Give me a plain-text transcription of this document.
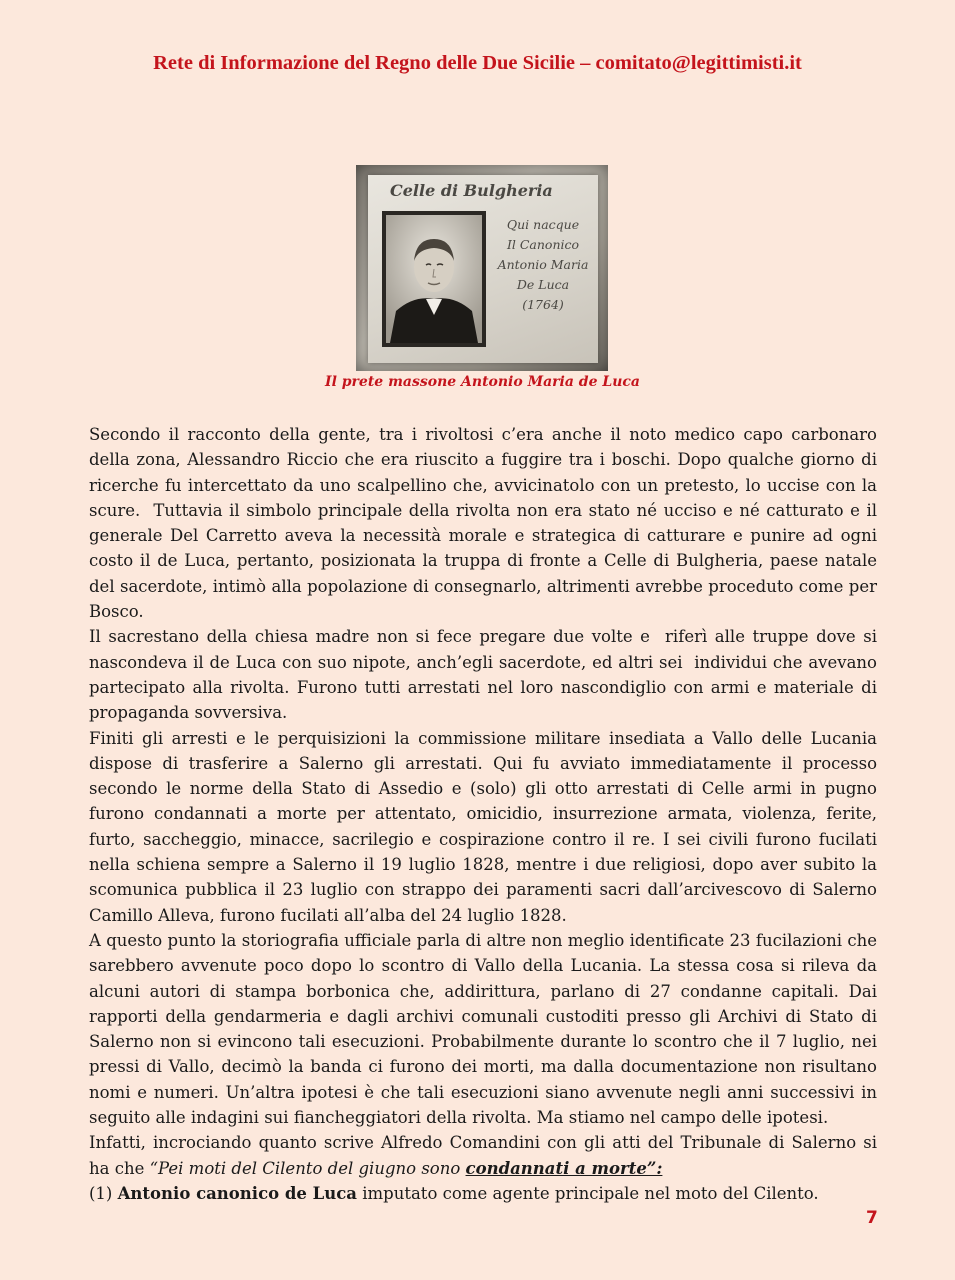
Rete di Informazione del Regno delle Due Sicilie – comitato@legittimisti.it
Celle di Bulgheria
Qui nacque
Il Canonico
Antonio Maria
De Luca
(1764)
Il prete massone Antonio Maria de Luca

Secondo il racconto della gente, tra i rivoltosi c’era anche il noto medico capo carbonaro della zona, Alessandro Riccio che era riuscito a fuggire tra i boschi. Dopo qualche giorno di ricerche fu intercettato da uno scalpellino che, avvicinatolo con un pretesto, lo uccise con la scure.  Tuttavia il simbolo principale della rivolta non era stato né ucciso e né catturato e il generale Del Carretto aveva la necessità morale e strategica di catturare e punire ad ogni costo il de Luca, pertanto, posizionata la truppa di fronte a Celle di Bulgheria, paese natale del sacerdote, intimò alla popolazione di consegnarlo, altrimenti avrebbe proceduto come per Bosco.

Il sacrestano della chiesa madre non si fece pregare due volte e  riferì alle truppe dove si nascondeva il de Luca con suo nipote, anch’egli sacerdote, ed altri sei  individui che avevano partecipato alla rivolta. Furono tutti arrestati nel loro nascondiglio con armi e materiale di propaganda sovversiva.

Finiti gli arresti e le perquisizioni la commissione militare insediata a Vallo delle Lucania dispose di trasferire a Salerno gli arrestati. Qui fu avviato immediatamente il processo secondo le norme della Stato di Assedio e (solo) gli otto arrestati di Celle armi in pugno furono condannati a morte per attentato, omicidio, insurrezione armata, violenza, ferite, furto, saccheggio, minacce, sacrilegio e cospirazione contro il re. I sei civili furono fucilati nella schiena sempre a Salerno il 19 luglio 1828, mentre i due religiosi, dopo aver subito la scomunica pubblica il 23 luglio con strappo dei paramenti sacri dall’arcivescovo di Salerno Camillo Alleva, furono fucilati all’alba del 24 luglio 1828.

A questo punto la storiografia ufficiale parla di altre non meglio identificate 23 fucilazioni che sarebbero avvenute poco dopo lo scontro di Vallo della Lucania. La stessa cosa si rileva da alcuni autori di stampa borbonica che, addirittura, parlano di 27 condanne capitali. Dai rapporti della gendarmeria e dagli archivi comunali custoditi presso gli Archivi di Stato di Salerno non si evincono tali esecuzioni. Probabilmente durante lo scontro che il 7 luglio, nei pressi di Vallo, decimò la banda ci furono dei morti, ma dalla documentazione non risultano nomi e numeri. Un’altra ipotesi è che tali esecuzioni siano avvenute negli anni successivi in seguito alle indagini sui fiancheggiatori della rivolta. Ma stiamo nel campo delle ipotesi.

Infatti, incrociando quanto scrive Alfredo Comandini con gli atti del Tribunale di Salerno si ha che “Pei moti del Cilento del giugno sono condannati a morte”:

(1) Antonio canonico de Luca imputato come agente principale nel moto del Cilento.

7
